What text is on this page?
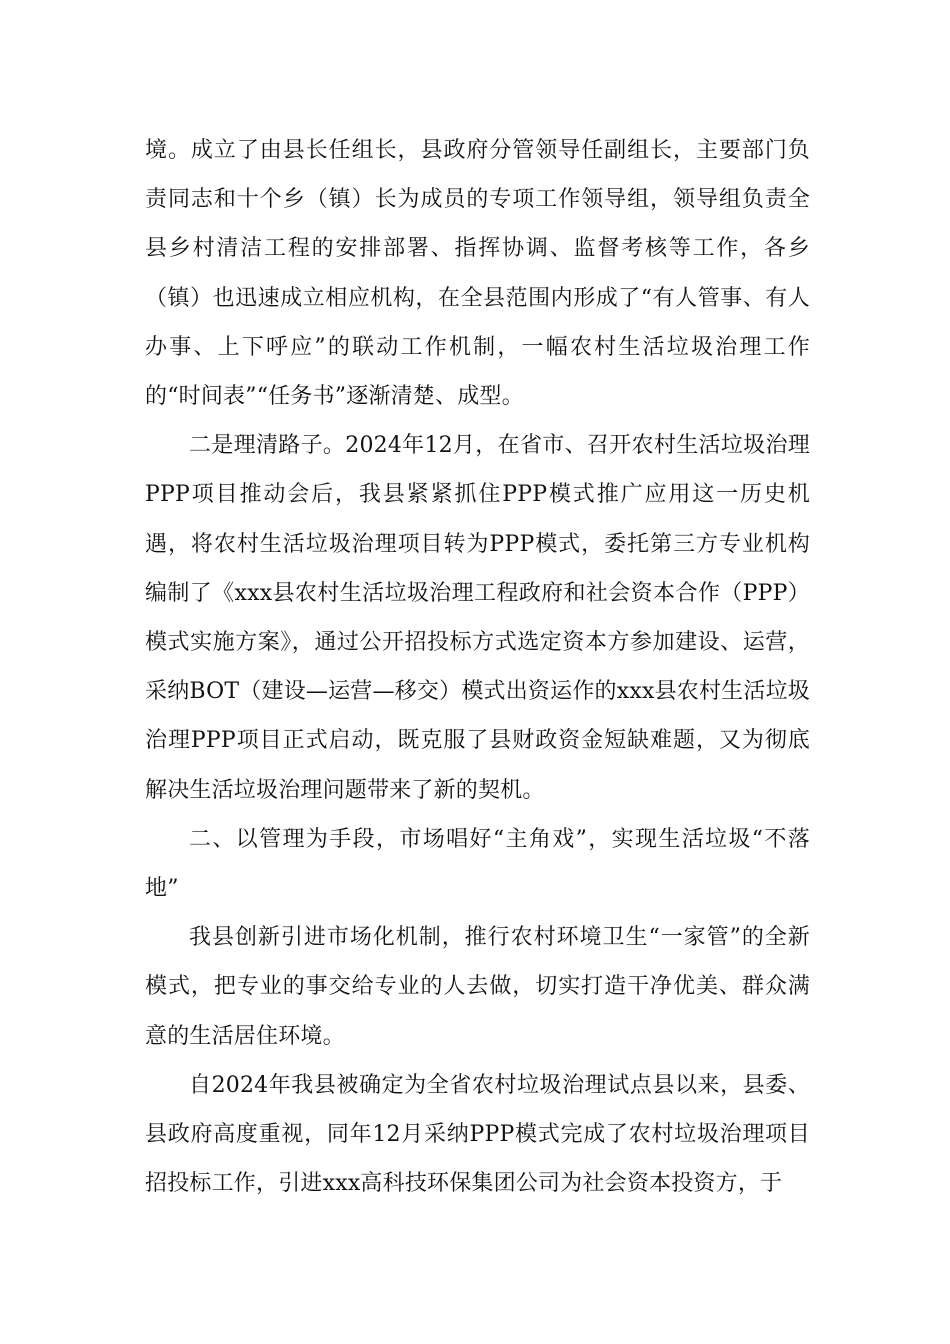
境。成立了由县长任组长，县政府分管领导任副组长，主要部门负责同志和十个乡（镇）长为成员的专项工作领导组，领导组负责全县乡村清洁工程的安排部署、指挥协调、监督考核等工作，各乡（镇）也迅速成立相应机构，在全县范围内形成了“有人管事、有人办事、上下呼应”的联动工作机制，一幅农村生活垃圾治理工作的“时间表”“任务书”逐渐清楚、成型。

二是理清路子。2024年12月，在省市、召开农村生活垃圾治理PPP项目推动会后，我县紧紧抓住PPP模式推广应用这一历史机遇，将农村生活垃圾治理项目转为PPP模式，委托第三方专业机构编制了《xxx县农村生活垃圾治理工程政府和社会资本合作（PPP）模式实施方案》，通过公开招投标方式选定资本方参加建设、运营，采纳BOT（建设—运营—移交）模式出资运作的xxx县农村生活垃圾治理PPP项目正式启动，既克服了县财政资金短缺难题，又为彻底解决生活垃圾治理问题带来了新的契机。

二、以管理为手段，市场唱好“主角戏”，实现生活垃圾“不落地”

我县创新引进市场化机制，推行农村环境卫生“一家管”的全新模式，把专业的事交给专业的人去做，切实打造干净优美、群众满意的生活居住环境。

自2024年我县被确定为全省农村垃圾治理试点县以来，县委、县政府高度重视，同年12月采纳PPP模式完成了农村垃圾治理项目招投标工作，引进xxx高科技环保集团公司为社会资本投资方，于
